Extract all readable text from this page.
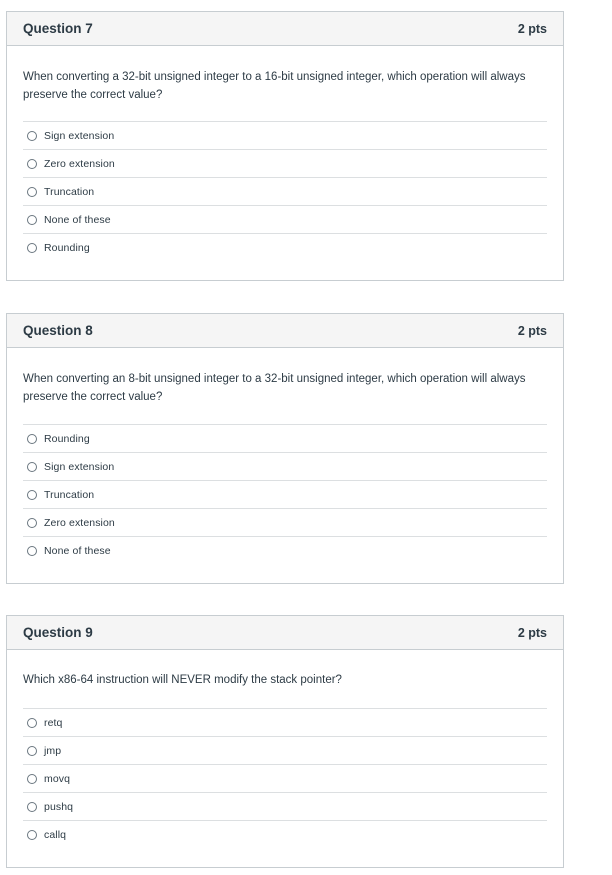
Question 7	2 pts

When converting a 32-bit unsigned integer to a 16-bit unsigned integer, which operation will always preserve the correct value?

Sign extension
Zero extension
Truncation
None of these
Rounding
Question 8	2 pts

When converting an 8-bit unsigned integer to a 32-bit unsigned integer, which operation will always preserve the correct value?

Rounding
Sign extension
Truncation
Zero extension
None of these
Question 9	2 pts

Which x86-64 instruction will NEVER modify the stack pointer?

retq
jmp
movq
pushq
callq
